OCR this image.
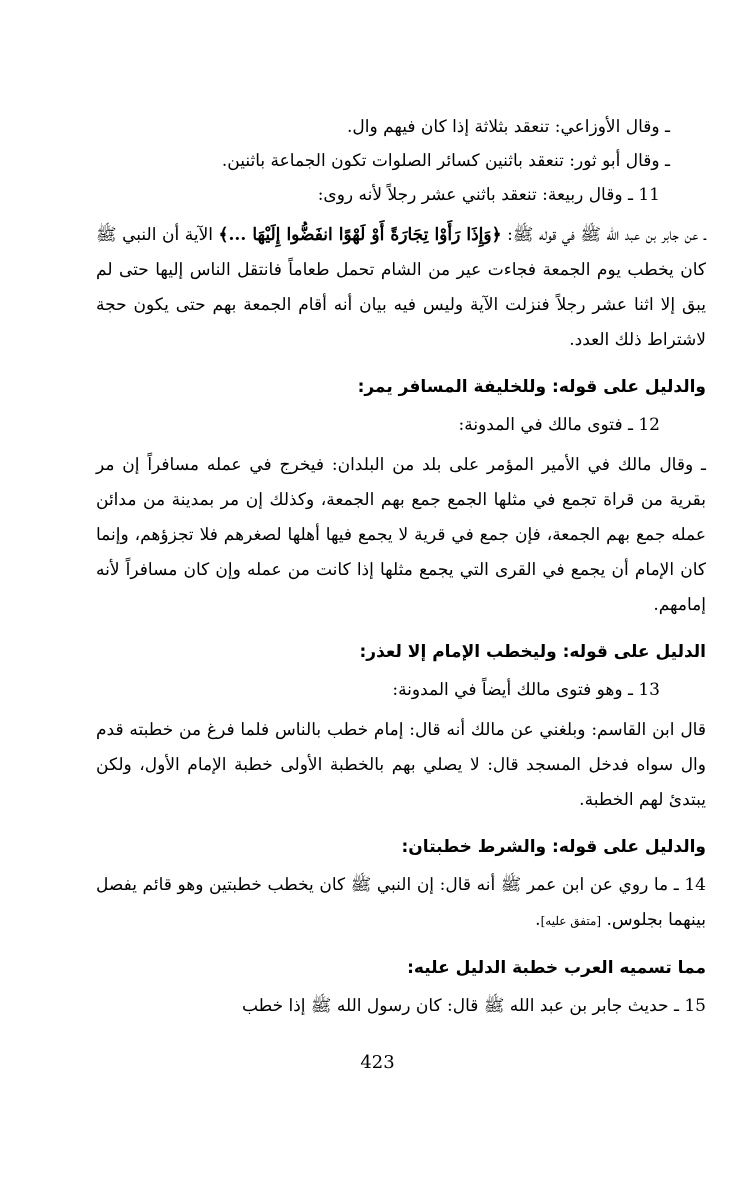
ـ وقال الأوزاعي: تنعقد بثلاثة إذا كان فيهم وال.

ـ وقال أبو ثور: تنعقد باثنين كسائر الصلوات تكون الجماعة باثنين.

11 ـ وقال ربيعة: تنعقد باثني عشر رجلاً لأنه روى:

ـ عن جابر بن عبد الله ﷺ في قوله ﷺ: ﴿وَإِذَا رَأَوْا تِجَارَةً أَوْ لَهْوًا انفَضُّوا إِلَيْهَا ...﴾ الآية أن النبي ﷺ كان يخطب يوم الجمعة فجاءت عير من الشام تحمل طعاماً فانتقل الناس إليها حتى لم يبق إلا اثنا عشر رجلاً فنزلت الآية وليس فيه بيان أنه أقام الجمعة بهم حتى يكون حجة لاشتراط ذلك العدد.

والدليل على قوله: وللخليفة المسافر يمر:

12 ـ فتوى مالك في المدونة:

ـ وقال مالك في الأمير المؤمر على بلد من البلدان: فيخرج في عمله مسافراً إن مر بقرية من قراة تجمع في مثلها الجمع جمع بهم الجمعة، وكذلك إن مر بمدينة من مدائن عمله جمع بهم الجمعة، فإن جمع في قرية لا يجمع فيها أهلها لصغرهم فلا تجزؤهم، وإنما كان الإمام أن يجمع في القرى التي يجمع مثلها إذا كانت من عمله وإن كان مسافراً لأنه إمامهم.

الدليل على قوله: وليخطب الإمام إلا لعذر:

13 ـ وهو فتوى مالك أيضاً في المدونة:

قال ابن القاسم: وبلغني عن مالك أنه قال: إمام خطب بالناس فلما فرغ من خطبته قدم وال سواه فدخل المسجد قال: لا يصلي بهم بالخطبة الأولى خطبة الإمام الأول، ولكن يبتدئ لهم الخطبة.

والدليل على قوله: والشرط خطبتان:

14 ـ ما روي عن ابن عمر ﷺ أنه قال: إن النبي ﷺ كان يخطب خطبتين وهو قائم يفصل بينهما بجلوس. [متفق عليه].

مما تسميه العرب خطبة الدليل عليه:

15 ـ حديث جابر بن عبد الله ﷺ قال: كان رسول الله ﷺ إذا خطب

423
